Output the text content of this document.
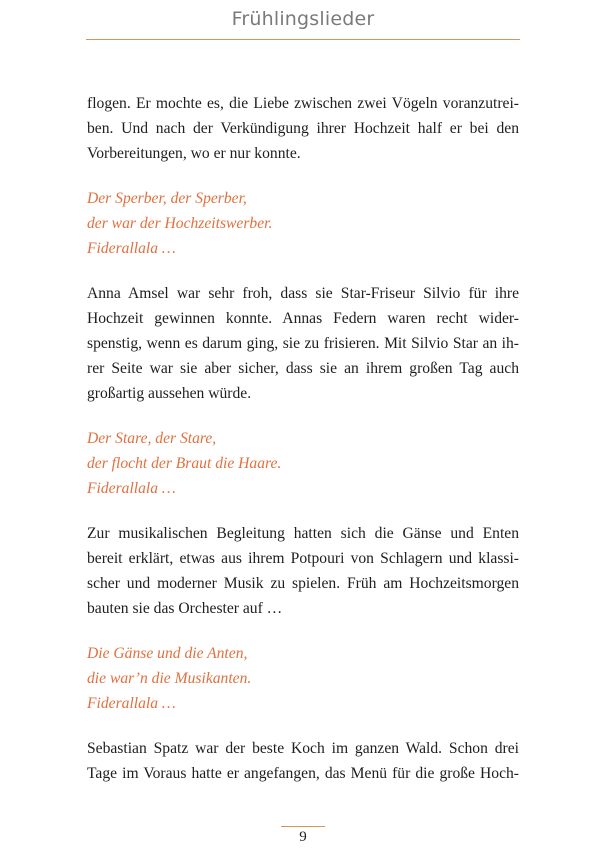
Frühlingslieder

flogen. Er mochte es, die Liebe zwischen zwei Vögeln voranzutrei-
ben. Und nach der Verkündigung ihrer Hochzeit half er bei den
Vorbereitungen, wo er nur konnte.

Der Sperber, der Sperber,
der war der Hochzeitswerber.
Fiderallala …

Anna Amsel war sehr froh, dass sie Star-Friseur Silvio für ihre
Hochzeit gewinnen konnte. Annas Federn waren recht wider-
spenstig, wenn es darum ging, sie zu frisieren. Mit Silvio Star an ih-
rer Seite war sie aber sicher, dass sie an ihrem großen Tag auch
großartig aussehen würde.

Der Stare, der Stare,
der flocht der Braut die Haare.
Fiderallala …

Zur musikalischen Begleitung hatten sich die Gänse und Enten
bereit erklärt, etwas aus ihrem Potpouri von Schlagern und klassi-
scher und moderner Musik zu spielen. Früh am Hochzeitsmorgen
bauten sie das Orchester auf …

Die Gänse und die Anten,
die war’n die Musikanten.
Fiderallala …

Sebastian Spatz war der beste Koch im ganzen Wald. Schon drei
Tage im Voraus hatte er angefangen, das Menü für die große Hoch-

9
